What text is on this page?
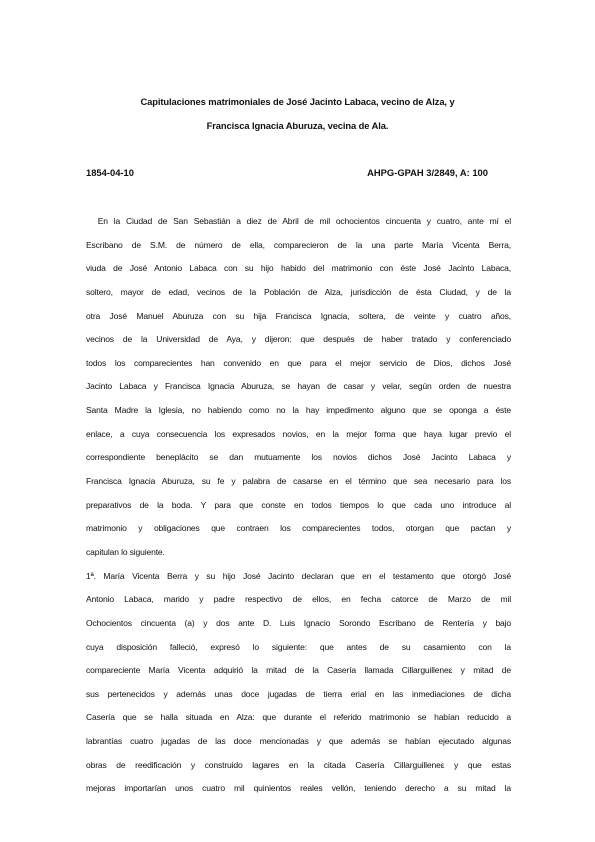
Capitulaciones matrimoniales de José Jacinto Labaca, vecino de Alza, y
Francisca Ignacia Aburuza, vecina de Ala.
1854-04-10	AHPG-GPAH 3/2849, A: 100
En la Ciudad de San Sebastián a diez de Abril de mil ochocientos cincuenta y cuatro, ante mí el
Escribano de S.M. de número de ella, comparecieron de la una parte María Vicenta Berra,
viuda de José Antonio Labaca con su hijo habido del matrimonio con éste José Jacinto Labaca,
soltero, mayor de edad, vecinos de la Población de Alza, jurisdicción de ésta Ciudad, y de la
otra José Manuel Aburuza con su hija Francisca Ignacia, soltera, de veinte y cuatro años,
vecinos de la Universidad de Aya, y dijeron: que después de haber tratado y conferenciado
todos los comparecientes han convenido en que para el mejor servicio de Dios, dichos José
Jacinto Labaca y Francisca Ignacia Aburuza, se hayan de casar y velar, según orden de nuestra
Santa Madre la Iglesia, no habiendo como no la hay impedimento alguno que se oponga a éste
enlace, a cuya consecuencia los expresados novios, en la mejor forma que haya lugar previo el
correspondiente beneplácito se dan mutuamente los novios dichos José Jacinto Labaca y
Francisca Ignacia Aburuza, su fe y palabra de casarse en el término que sea necesario para los
preparativos de la boda. Y para que conste en todos tiempos lo que cada uno introduce al
matrimonio y obligaciones que contraen los comparecientes todos, otorgan que pactan y
capitulan lo siguiente.
1ª. María Vicenta Berra y su hijo José Jacinto declaran que en el testamento que otorgó José
Antonio Labaca, marido y padre respectivo de ellos, en fecha catorce de Marzo de mil
Ochocientos cincuenta (a) y dos ante D. Luis Ignacio Sorondo Escribano de Rentería y bajo
cuya disposición falleció, expresó lo siguiente: que antes de su casamiento con la
compareciente María Vicenta adquirió la mitad de la Casería llamada Cillarguilleneε y mitad de
sus pertenecidos y además unas doce jugadas de tierra erial en las inmediaciones de dicha
Casería que se halla situada en Alza: que durante el referido matrimonio se habían reducido a
labrantías cuatro jugadas de las doce mencionadas y que además se habían ejecutado algunas
obras de reedificación y construido lagares en la citada Casería Cillarguilleneε y que estas
mejoras importarían unos cuatro mil quinientos reales vellón, teniendo derecho a su mitad la
